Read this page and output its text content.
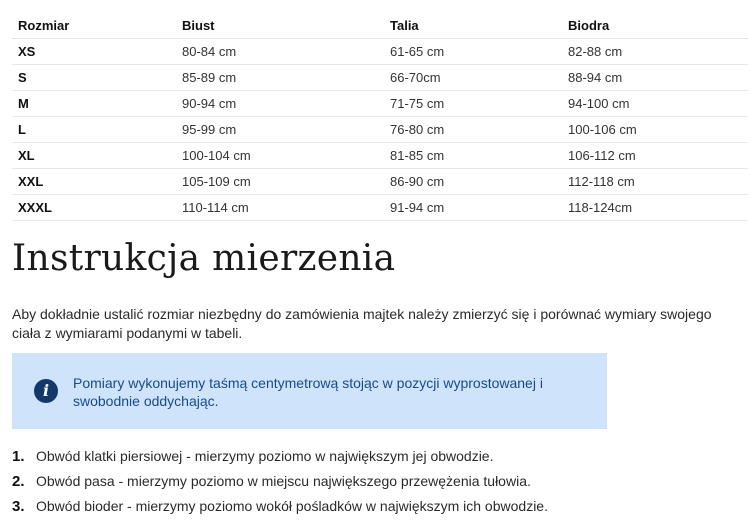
Rozmiar	Biust	Talia	Biodra
XS	80-84 cm	61-65 cm	82-88 cm
S	85-89 cm	66-70cm	88-94 cm
M	90-94 cm	71-75 cm	94-100 cm
L	95-99 cm	76-80 cm	100-106 cm
XL	100-104 cm	81-85 cm	106-112 cm
XXL	105-109 cm	86-90 cm	112-118 cm
XXXL	110-114 cm	91-94 cm	118-124cm
Instrukcja mierzenia

Aby dokładnie ustalić rozmiar niezbędny do zamówienia majtek należy zmierzyć się i porównać wymiary swojego ciała z wymiarami podanymi w tabeli.

i	Pomiary wykonujemy taśmą centymetrową stojąc w pozycji wyprostowanej i swobodnie oddychając.
1. Obwód klatki piersiowej - mierzymy poziomo w największym jej obwodzie.
2. Obwód pasa - mierzymy poziomo w miejscu największego przewężenia tułowia.
3. Obwód bioder - mierzymy poziomo wokół pośladków w największym ich obwodzie.
